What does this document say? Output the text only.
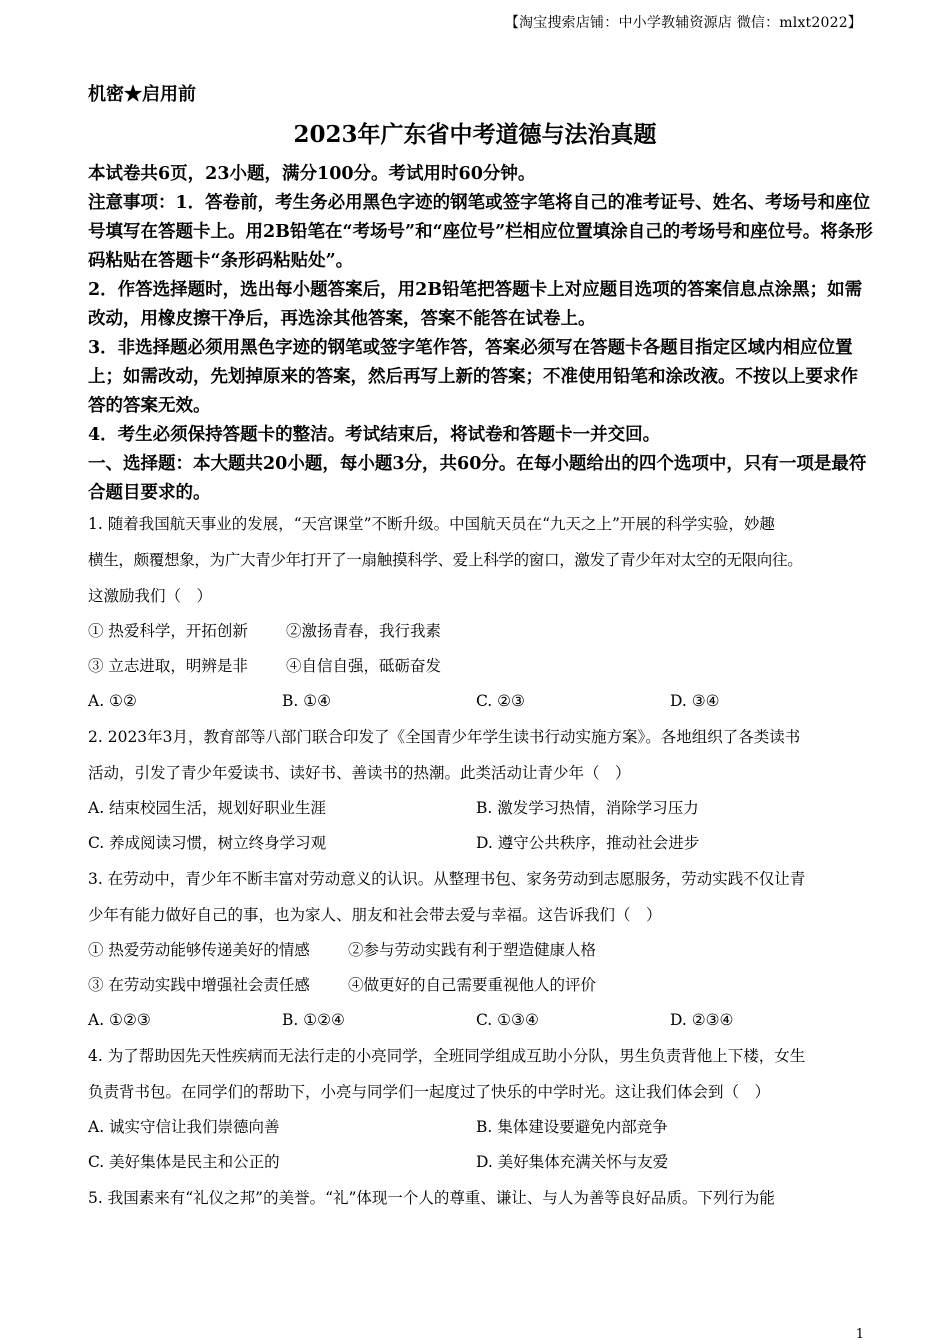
【淘宝搜索店铺：中小学教辅资源店 微信：mlxt2022】
机密★启用前
2023年广东省中考道德与法治真题

本试卷共6页，23小题，满分100分。考试用时60分钟。

注意事项：1．答卷前，考生务必用黑色字迹的钢笔或签字笔将自己的准考证号、姓名、考场号和座位号填写在答题卡上。用2B铅笔在“考场号”和“座位号”栏相应位置填涂自己的考场号和座位号。将条形码粘贴在答题卡“条形码粘贴处”。

2．作答选择题时，选出每小题答案后，用2B铅笔把答题卡上对应题目选项的答案信息点涂黑；如需改动，用橡皮擦干净后，再选涂其他答案，答案不能答在试卷上。

3．非选择题必须用黑色字迹的钢笔或签字笔作答，答案必须写在答题卡各题目指定区域内相应位置上；如需改动，先划掉原来的答案，然后再写上新的答案；不准使用铅笔和涂改液。不按以上要求作答的答案无效。

4．考生必须保持答题卡的整洁。考试结束后，将试卷和答题卡一并交回。

一、选择题：本大题共20小题，每小题3分，共60分。在每小题给出的四个选项中，只有一项是最符合题目要求的。

1. 随着我国航天事业的发展，“天宫课堂”不断升级。中国航天员在“九天之上”开展的科学实验，妙趣
横生，颇覆想象，为广大青少年打开了一扇触摸科学、爱上科学的窗口，激发了青少年对太空的无限向往。
这激励我们（　）
① 热爱科学，开拓创新 ②激扬青春，我行我素
③ 立志进取，明辨是非 ④自信自强，砥砺奋发
A. ①②	B. ①④	C. ②③	D. ③④
2. 2023年3月，教育部等八部门联合印发了《全国青少年学生读书行动实施方案》。各地组织了各类读书
活动，引发了青少年爱读书、读好书、善读书的热潮。此类活动让青少年（　）
A. 结束校园生活，规划好职业生涯	B. 激发学习热情，消除学习压力
C. 养成阅读习惯，树立终身学习观	D. 遵守公共秩序，推动社会进步
3. 在劳动中，青少年不断丰富对劳动意义的认识。从整理书包、家务劳动到志愿服务，劳动实践不仅让青
少年有能力做好自己的事，也为家人、朋友和社会带去爱与幸福。这告诉我们（　）
① 热爱劳动能够传递美好的情感 ②参与劳动实践有利于塑造健康人格
③ 在劳动实践中增强社会责任感 ④做更好的自己需要重视他人的评价
A. ①②③	B. ①②④	C. ①③④	D. ②③④
4. 为了帮助因先天性疾病而无法行走的小亮同学，全班同学组成互助小分队，男生负责背他上下楼，女生
负责背书包。在同学们的帮助下，小亮与同学们一起度过了快乐的中学时光。这让我们体会到（　）
A. 诚实守信让我们崇德向善	B. 集体建设要避免内部竞争
C. 美好集体是民主和公正的	D. 美好集体充满关怀与友爱
5. 我国素来有“礼仪之邦”的美誉。“礼”体现一个人的尊重、谦让、与人为善等良好品质。下列行为能
1
